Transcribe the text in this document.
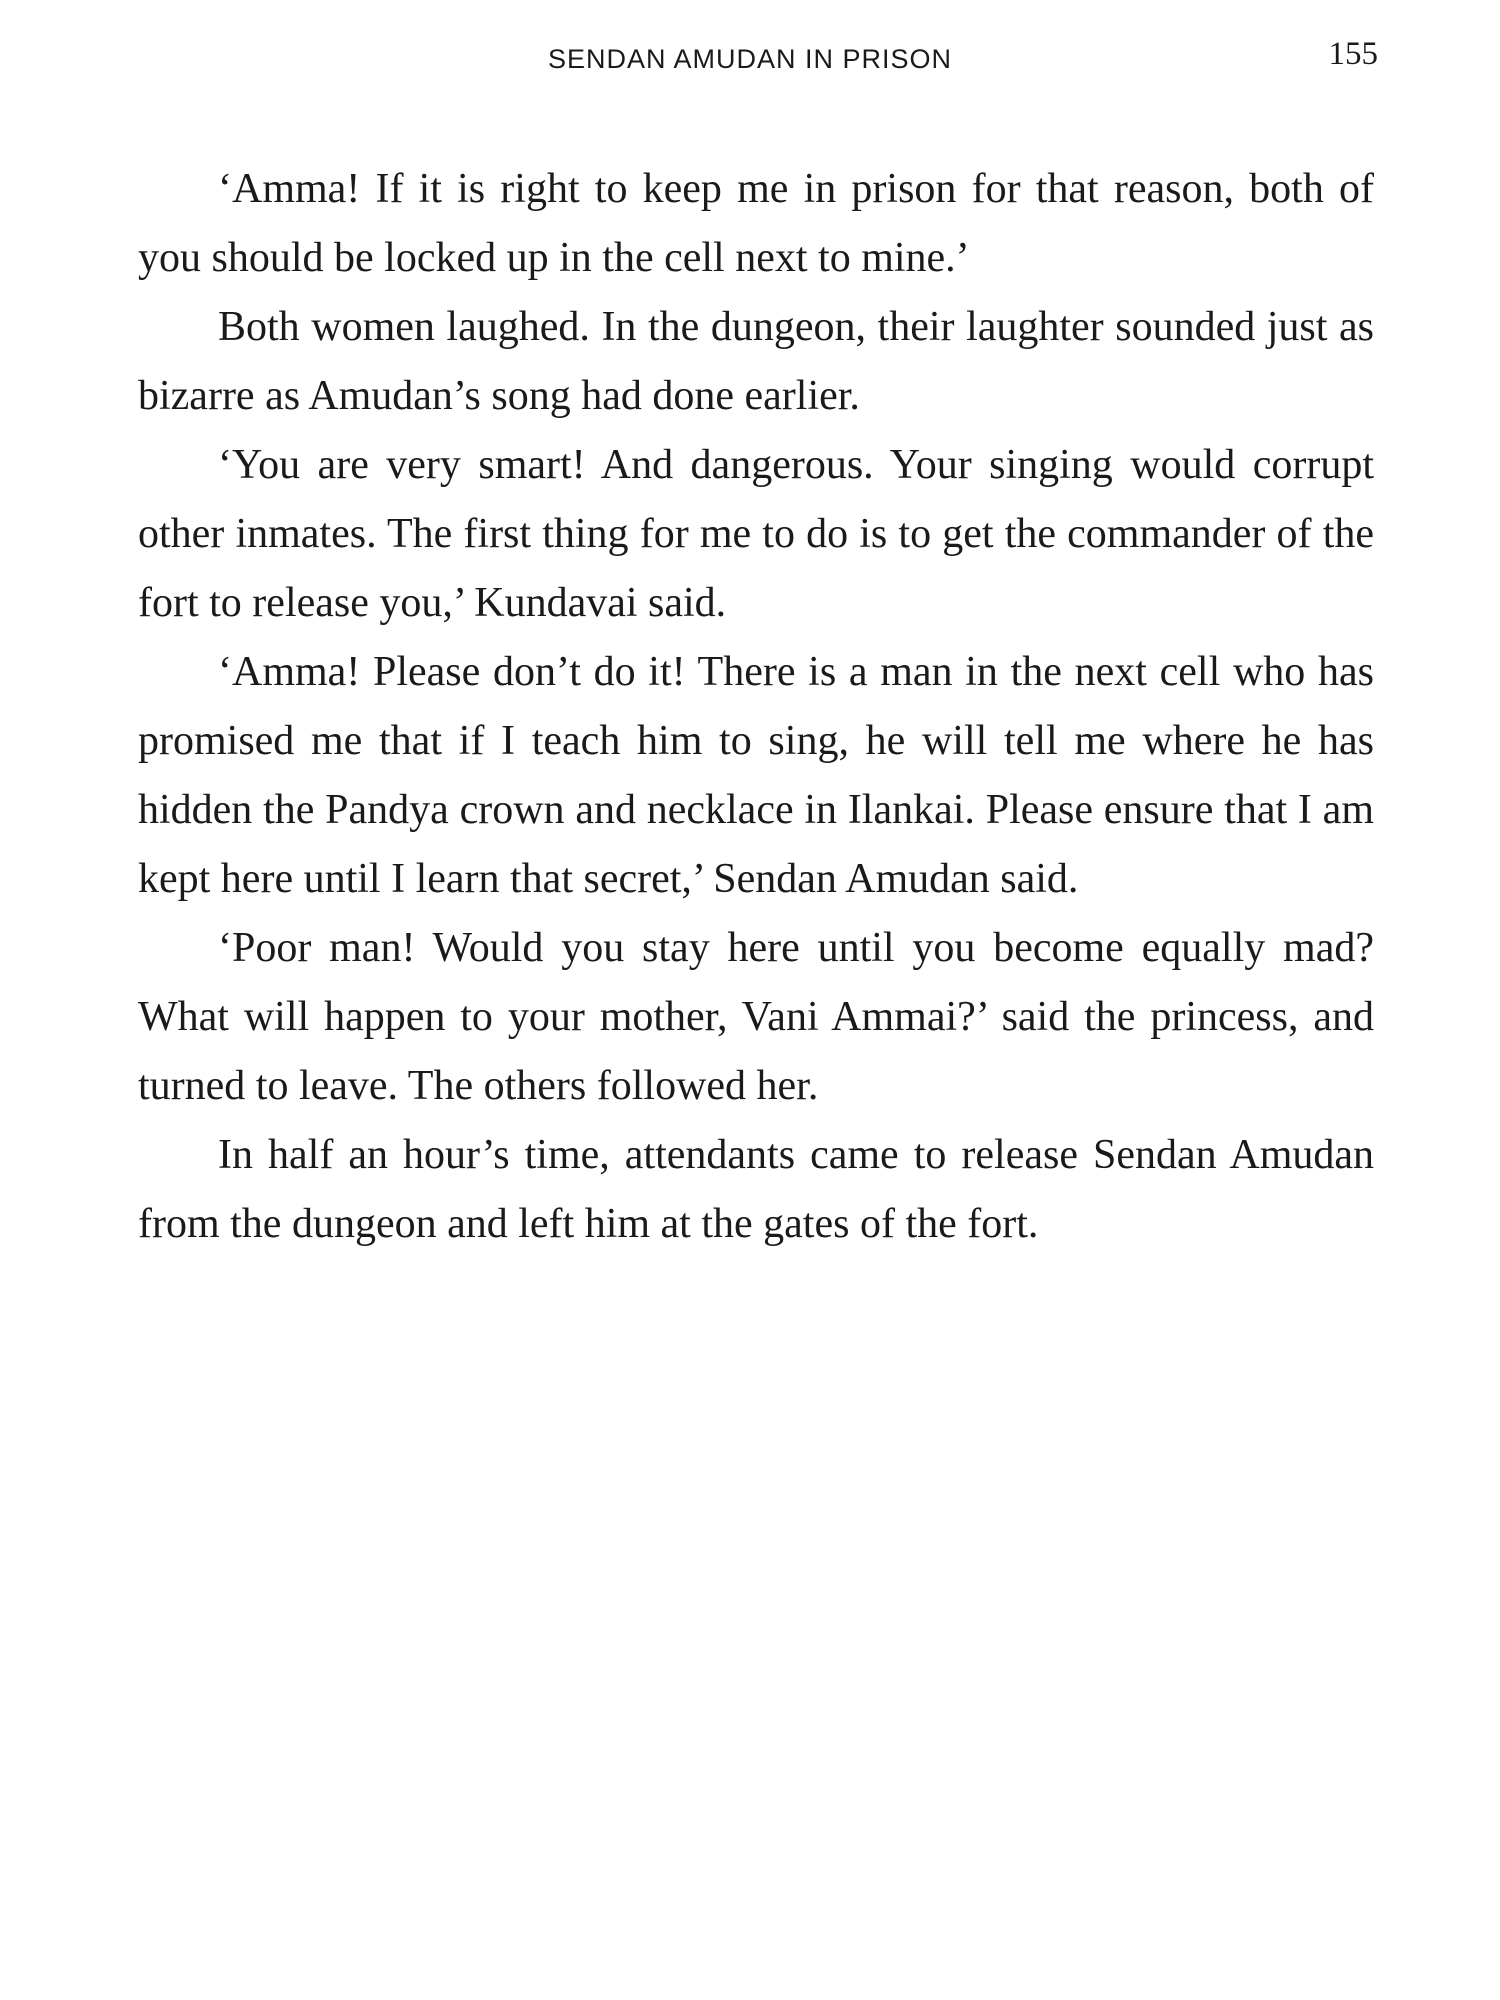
SENDAN AMUDAN IN PRISON	155

‘Amma! If it is right to keep me in prison for that reason, both of you should be locked up in the cell next to mine.’

Both women laughed. In the dungeon, their laughter sounded just as bizarre as Amudan’s song had done earlier.

‘You are very smart! And dangerous. Your singing would corrupt other inmates. The first thing for me to do is to get the commander of the fort to release you,’ Kundavai said.

‘Amma! Please don’t do it! There is a man in the next cell who has promised me that if I teach him to sing, he will tell me where he has hidden the Pandya crown and necklace in Ilankai. Please ensure that I am kept here until I learn that secret,’ Sendan Amudan said.

‘Poor man! Would you stay here until you become equally mad? What will happen to your mother, Vani Ammai?’ said the princess, and turned to leave. The others followed her.

In half an hour’s time, attendants came to release Sendan Amudan from the dungeon and left him at the gates of the fort.
